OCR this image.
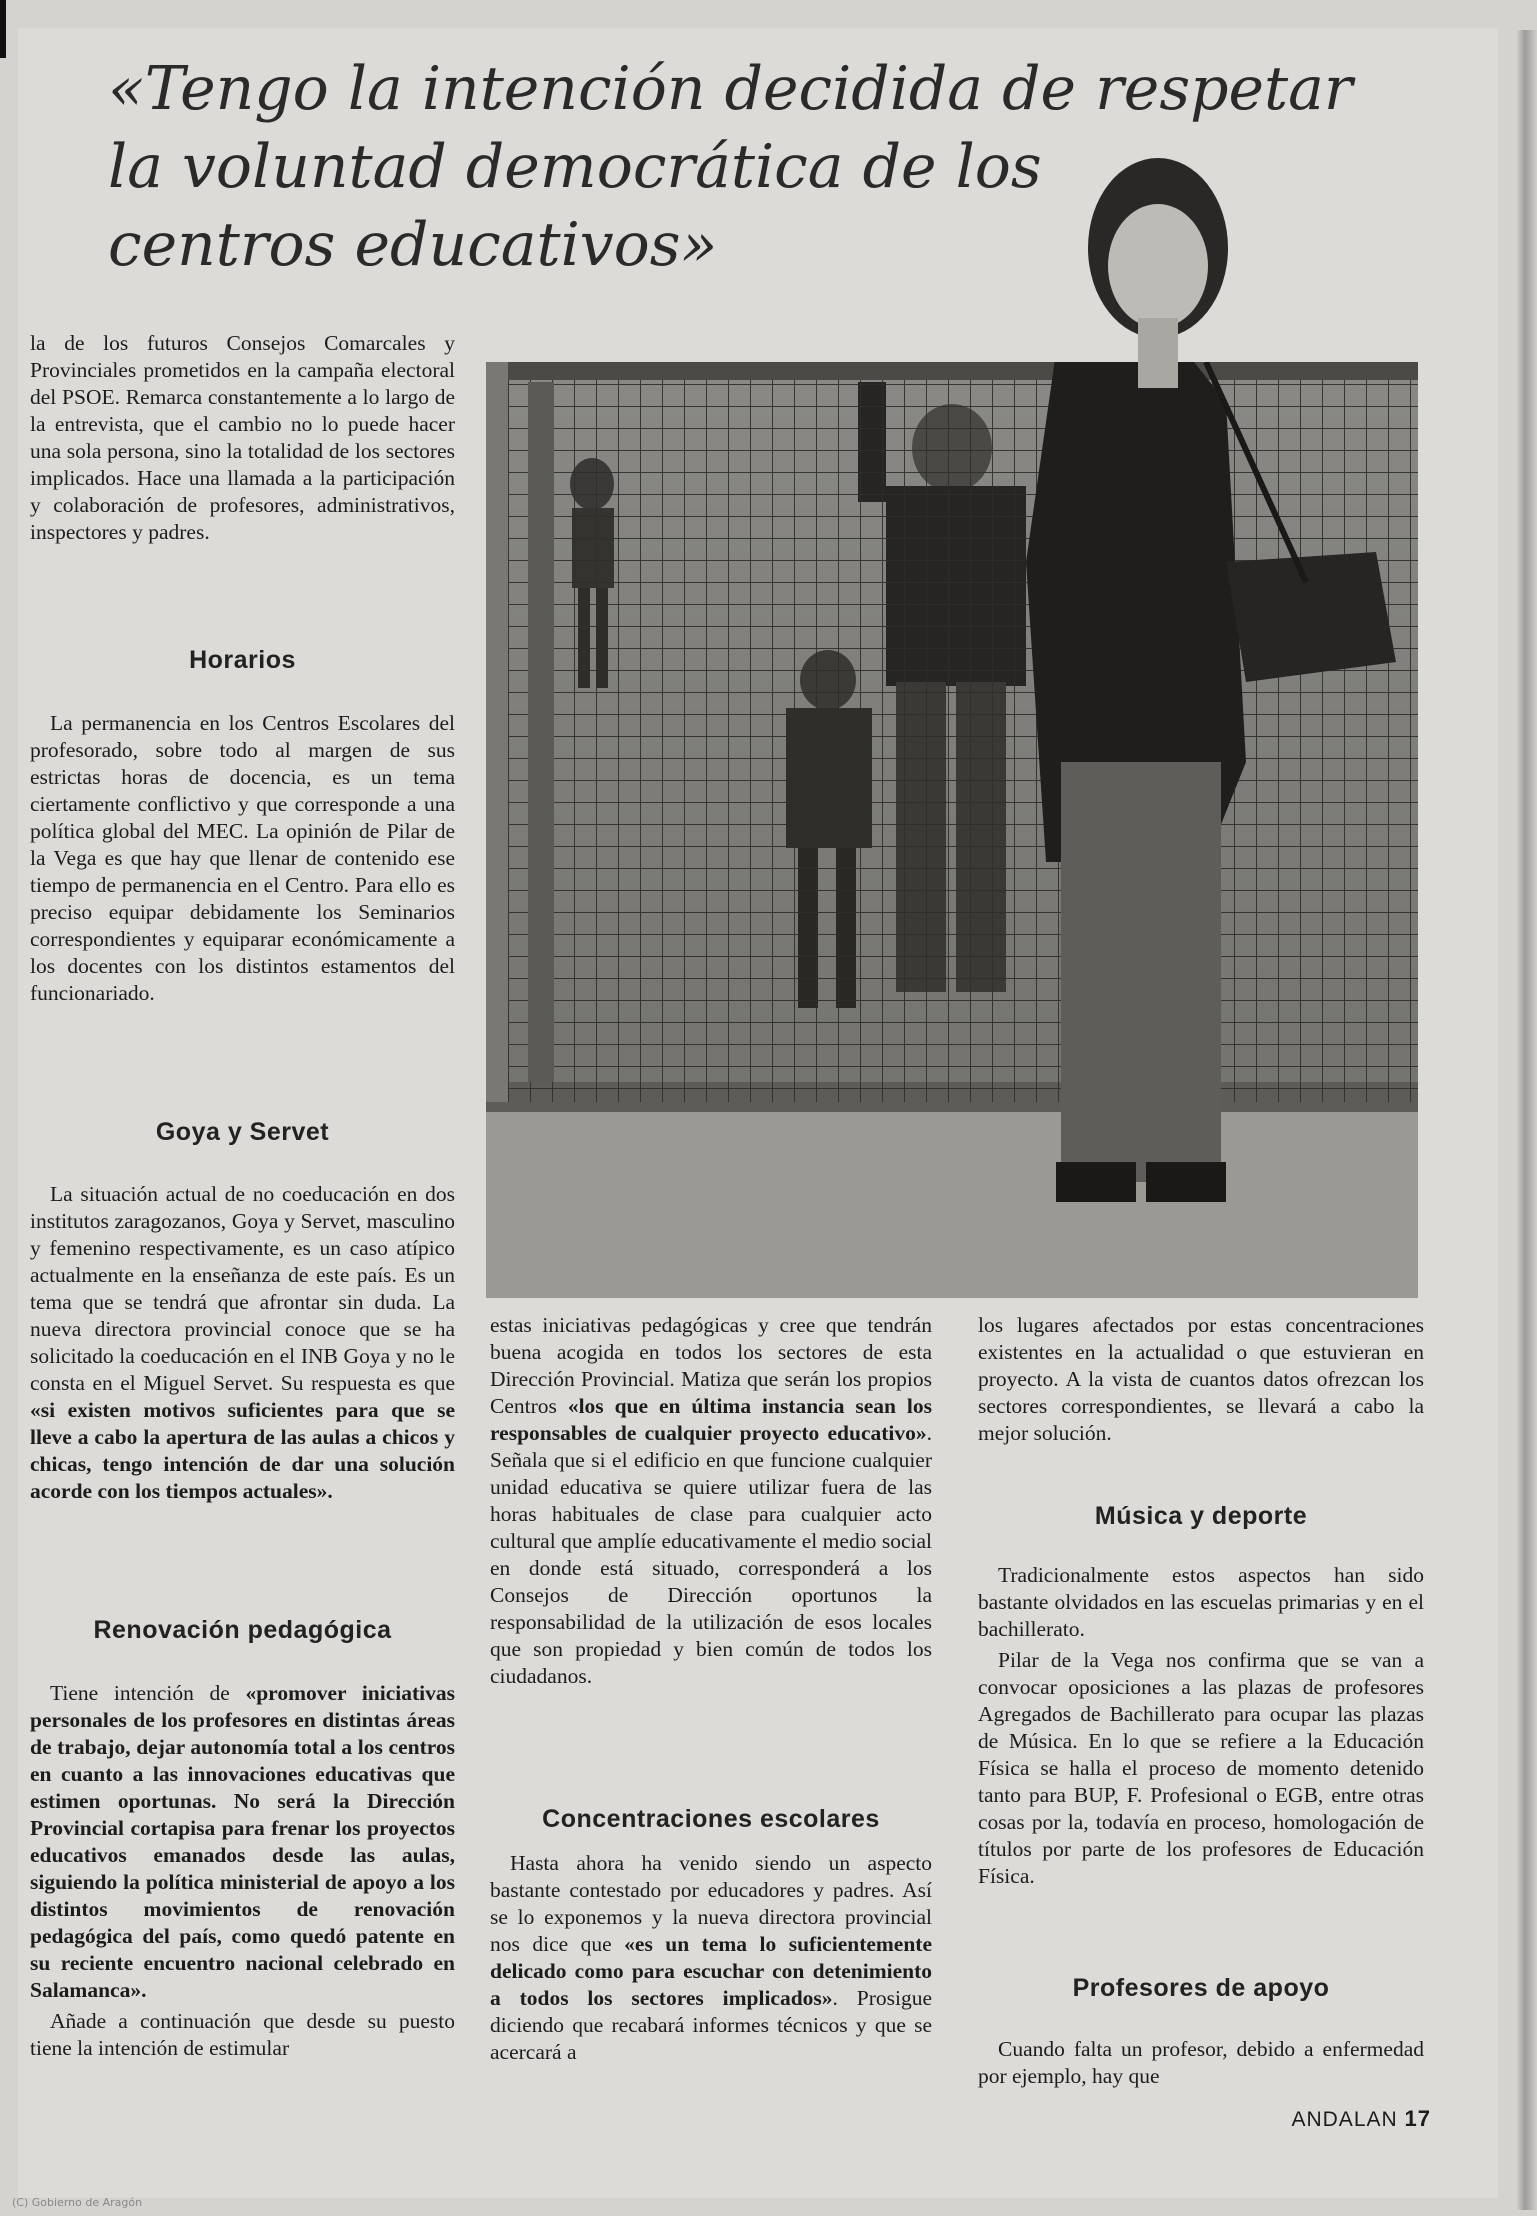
«Tengo la intención decidida de respetar
la voluntad democrática de los
centros educativos»

la de los futuros Consejos Comarcales y Provinciales prometidos en la campaña electoral del PSOE. Remarca constantemente a lo largo de la entrevista, que el cambio no lo puede hacer una sola persona, sino la totalidad de los sectores implicados. Hace una llamada a la participación y colaboración de profesores, administrativos, inspectores y padres.

Horarios

La permanencia en los Centros Escolares del profesorado, sobre todo al margen de sus estrictas horas de docencia, es un tema ciertamente conflictivo y que corresponde a una política global del MEC. La opinión de Pilar de la Vega es que hay que llenar de contenido ese tiempo de permanencia en el Centro. Para ello es preciso equipar debidamente los Seminarios correspondientes y equiparar económicamente a los docentes con los distintos estamentos del funcionariado.

Goya y Servet

La situación actual de no coeducación en dos institutos zaragozanos, Goya y Servet, masculino y femenino respectivamente, es un caso atípico actualmente en la enseñanza de este país. Es un tema que se tendrá que afrontar sin duda. La nueva directora provincial conoce que se ha solicitado la coeducación en el INB Goya y no le consta en el Miguel Servet. Su respuesta es que «si existen motivos suficientes para que se lleve a cabo la apertura de las aulas a chicos y chicas, tengo intención de dar una solución acorde con los tiempos actuales».

Renovación pedagógica

Tiene intención de «promover iniciativas personales de los profesores en distintas áreas de trabajo, dejar autonomía total a los centros en cuanto a las innovaciones educativas que estimen oportunas. No será la Dirección Provincial cortapisa para frenar los proyectos educativos emanados desde las aulas, siguiendo la política ministerial de apoyo a los distintos movimientos de renovación pedagógica del país, como quedó patente en su reciente encuentro nacional celebrado en Salamanca».

Añade a continuación que desde su puesto tiene la intención de estimular

estas iniciativas pedagógicas y cree que tendrán buena acogida en todos los sectores de esta Dirección Provincial. Matiza que serán los propios Centros «los que en última instancia sean los responsables de cualquier proyecto educativo». Señala que si el edificio en que funcione cualquier unidad educativa se quiere utilizar fuera de las horas habituales de clase para cualquier acto cultural que amplíe educativamente el medio social en donde está situado, corresponderá a los Consejos de Dirección oportunos la responsabilidad de la utilización de esos locales que son propiedad y bien común de todos los ciudadanos.

Concentraciones escolares

Hasta ahora ha venido siendo un aspecto bastante contestado por educadores y padres. Así se lo exponemos y la nueva directora provincial nos dice que «es un tema lo suficientemente delicado como para escuchar con detenimiento a todos los sectores implicados». Prosigue diciendo que recabará informes técnicos y que se acercará a

los lugares afectados por estas concentraciones existentes en la actualidad o que estuvieran en proyecto. A la vista de cuantos datos ofrezcan los sectores correspondientes, se llevará a cabo la mejor solución.

Música y deporte

Tradicionalmente estos aspectos han sido bastante olvidados en las escuelas primarias y en el bachillerato.

Pilar de la Vega nos confirma que se van a convocar oposiciones a las plazas de profesores Agregados de Bachillerato para ocupar las plazas de Música. En lo que se refiere a la Educación Física se halla el proceso de momento detenido tanto para BUP, F. Profesional o EGB, entre otras cosas por la, todavía en proceso, homologación de títulos por parte de los profesores de Educación Física.

Profesores de apoyo

Cuando falta un profesor, debido a enfermedad por ejemplo, hay que

ANDALAN 17
(C) Gobierno de Aragón
